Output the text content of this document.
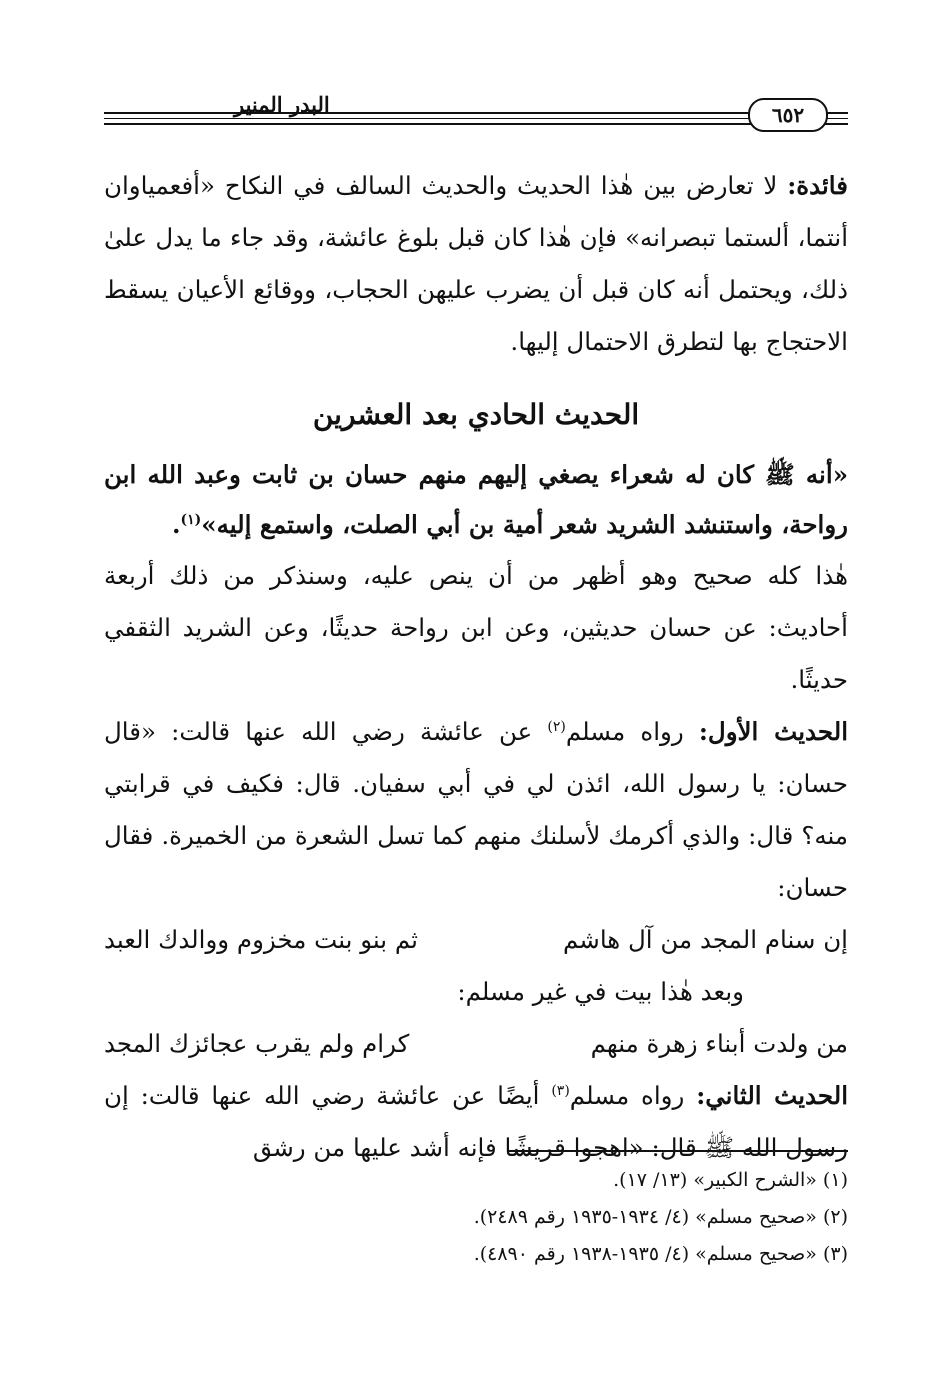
البدر المنير	٦٥٢

فائدة: لا تعارض بين هٰذا الحديث والحديث السالف في النكاح «أفعمياوان أنتما، ألستما تبصرانه» فإن هٰذا كان قبل بلوغ عائشة، وقد جاء ما يدل علىٰ ذلك، ويحتمل أنه كان قبل أن يضرب عليهن الحجاب، ووقائع الأعيان يسقط الاحتجاج بها لتطرق الاحتمال إليها.

الحديث الحادي بعد العشرين

«أنه ﷺ كان له شعراء يصغي إليهم منهم حسان بن ثابت وعبد الله ابن رواحة، واستنشد الشريد شعر أمية بن أبي الصلت، واستمع إليه»$^{(١)}$.

هٰذا كله صحيح وهو أظهر من أن ينص عليه، وسنذكر من ذلك أربعة أحاديث: عن حسان حديثين، وعن ابن رواحة حديثًا، وعن الشريد الثقفي حديثًا.

الحديث الأول: رواه مسلم$^{(٢)}$ عن عائشة رضي الله عنها قالت: «قال حسان: يا رسول الله، ائذن لي في أبي سفيان. قال: فكيف في قرابتي منه؟ قال: والذي أكرمك لأسلنك منهم كما تسل الشعرة من الخميرة. فقال حسان:

إن سنام المجد من آل هاشم
ثم بنو بنت مخزوم ووالدك العبد
وبعد هٰذا بيت في غير مسلم:
من ولدت أبناء زهرة منهم
كرام ولم يقرب عجائزك المجد

الحديث الثاني: رواه مسلم$^{(٣)}$ أيضًا عن عائشة رضي الله عنها قالت: إن رسول الله ﷺ قال: «اهجوا قريشًا فإنه أشد عليها من رشق

(١) «الشرح الكبير» (١٣/ ١٧).
(٢) «صحيح مسلم» (٤/ ١٩٣٤-١٩٣٥ رقم ٢٤٨٩).
(٣) «صحيح مسلم» (٤/ ١٩٣٥-١٩٣٨ رقم ٤٨٩٠).
